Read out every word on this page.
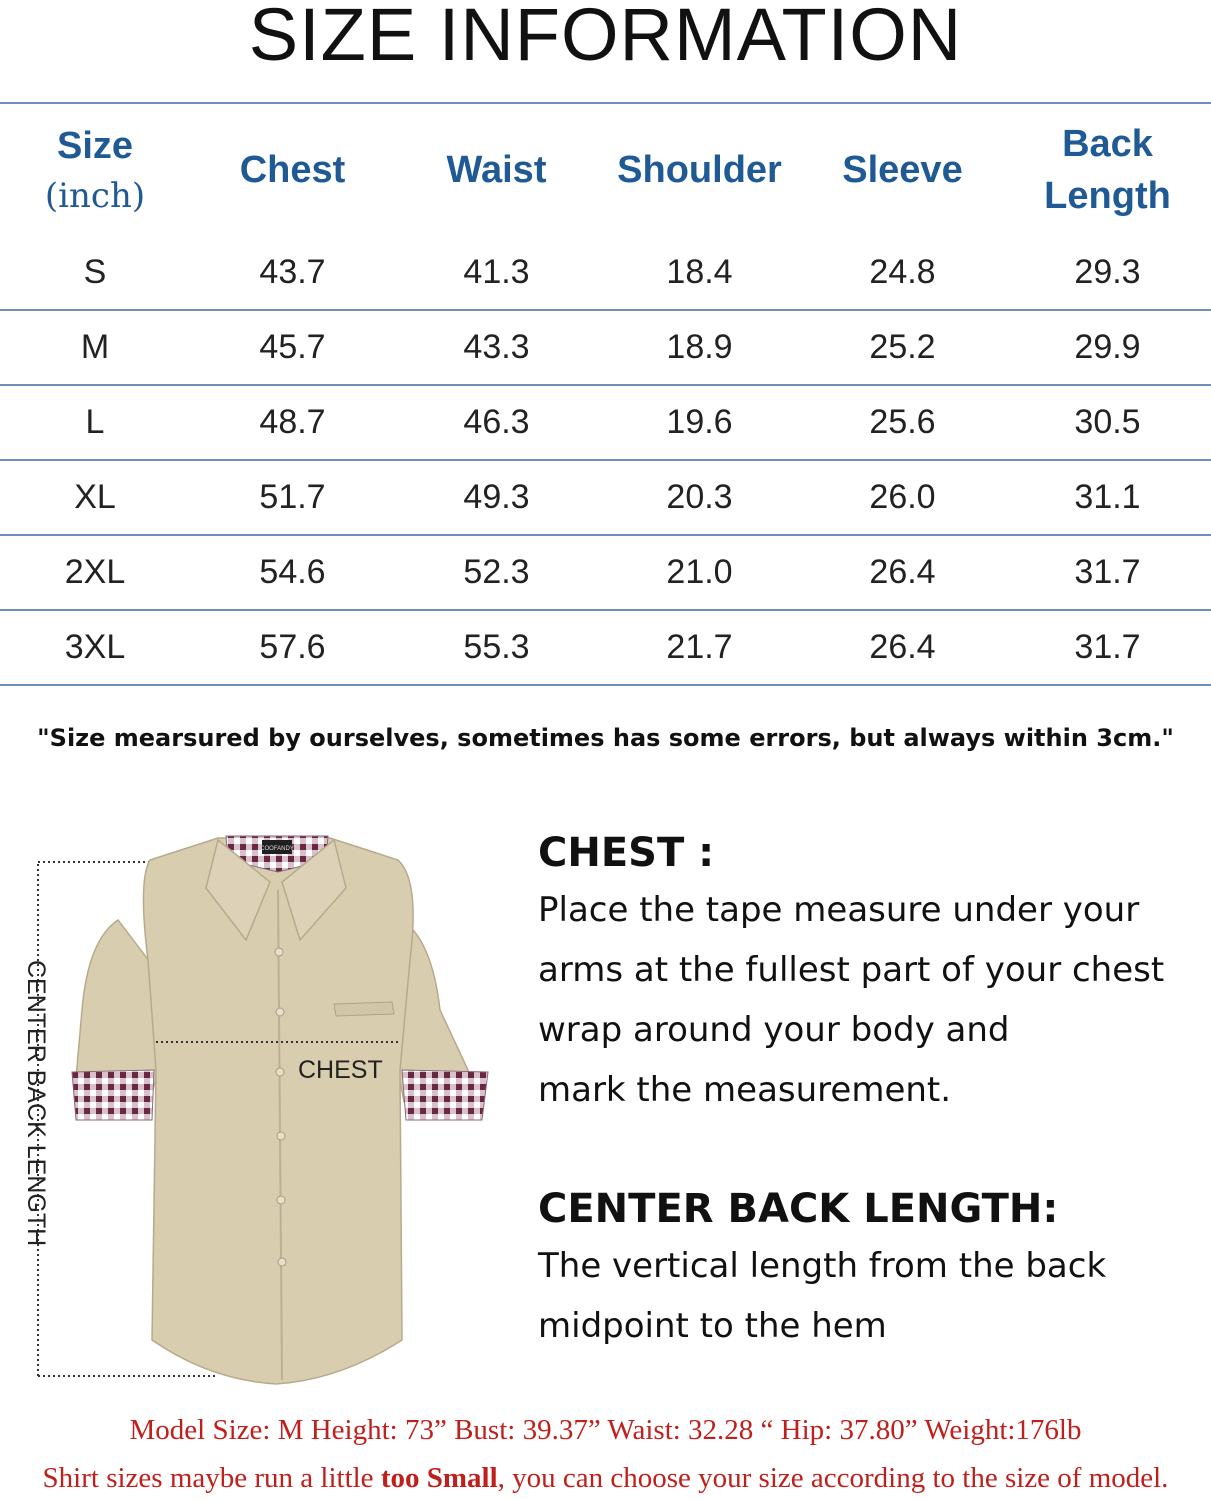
SIZE INFORMATION
Size
(inch)	Chest	Waist	Shoulder	Sleeve	Back
Length
S	43.7	41.3	18.4	24.8	29.3
M	45.7	43.3	18.9	25.2	29.9
L	48.7	46.3	19.6	25.6	30.5
XL	51.7	49.3	20.3	26.0	31.1
2XL	54.6	52.3	21.0	26.4	31.7
3XL	57.6	55.3	21.7	26.4	31.7
"Size mearsured by ourselves, sometimes has some errors, but always within 3cm."
CENTER BACK LENGTH
COOFANDY
CHEST
CHEST :

Place the tape measure under your
arms at the fullest part of your chest
wrap around your body and
mark the measurement.

CENTER BACK LENGTH:

The vertical length from the back
midpoint to the hem

Model Size: M Height: 73” Bust: 39.37” Waist: 32.28 “ Hip: 37.80” Weight:176lb
Shirt sizes maybe run a little too Small, you can choose your size according to the size of model.
